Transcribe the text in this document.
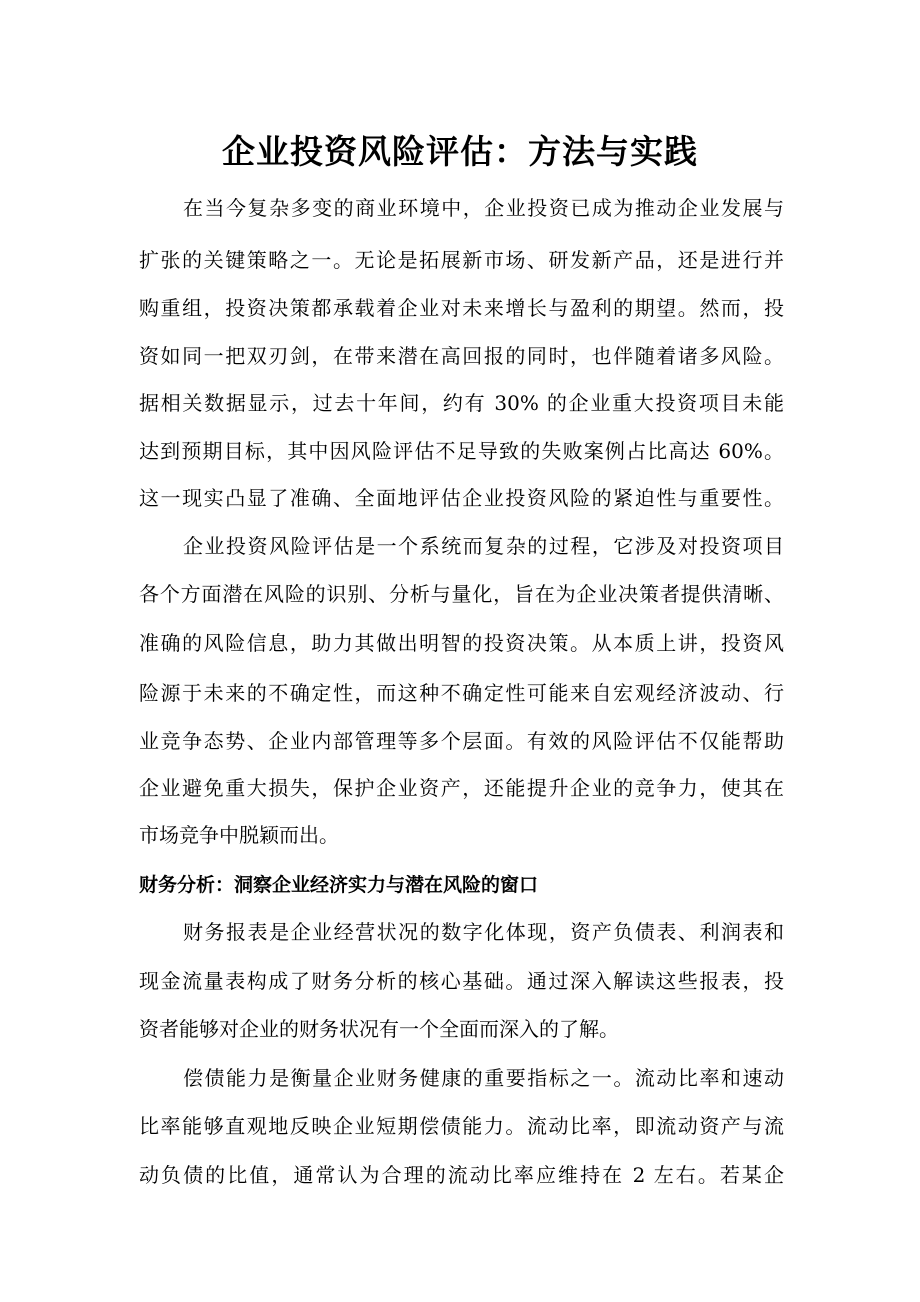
企业投资风险评估：方法与实践

在当今复杂多变的商业环境中，企业投资已成为推动企业发展与

扩张的关键策略之一。无论是拓展新市场、研发新产品，还是进行并

购重组，投资决策都承载着企业对未来增长与盈利的期望。然而，投

资如同一把双刃剑，在带来潜在高回报的同时，也伴随着诸多风险。

据相关数据显示，过去十年间，约有 30% 的企业重大投资项目未能

达到预期目标，其中因风险评估不足导致的失败案例占比高达 60%。

这一现实凸显了准确、全面地评估企业投资风险的紧迫性与重要性。

企业投资风险评估是一个系统而复杂的过程，它涉及对投资项目

各个方面潜在风险的识别、分析与量化，旨在为企业决策者提供清晰、

准确的风险信息，助力其做出明智的投资决策。从本质上讲，投资风

险源于未来的不确定性，而这种不确定性可能来自宏观经济波动、行

业竞争态势、企业内部管理等多个层面。有效的风险评估不仅能帮助

企业避免重大损失，保护企业资产，还能提升企业的竞争力，使其在

市场竞争中脱颖而出。

财务分析：洞察企业经济实力与潜在风险的窗口

财务报表是企业经营状况的数字化体现，资产负债表、利润表和

现金流量表构成了财务分析的核心基础。通过深入解读这些报表，投

资者能够对企业的财务状况有一个全面而深入的了解。

偿债能力是衡量企业财务健康的重要指标之一。流动比率和速动

比率能够直观地反映企业短期偿债能力。流动比率，即流动资产与流

动负债的比值，通常认为合理的流动比率应维持在 2 左右。若某企
